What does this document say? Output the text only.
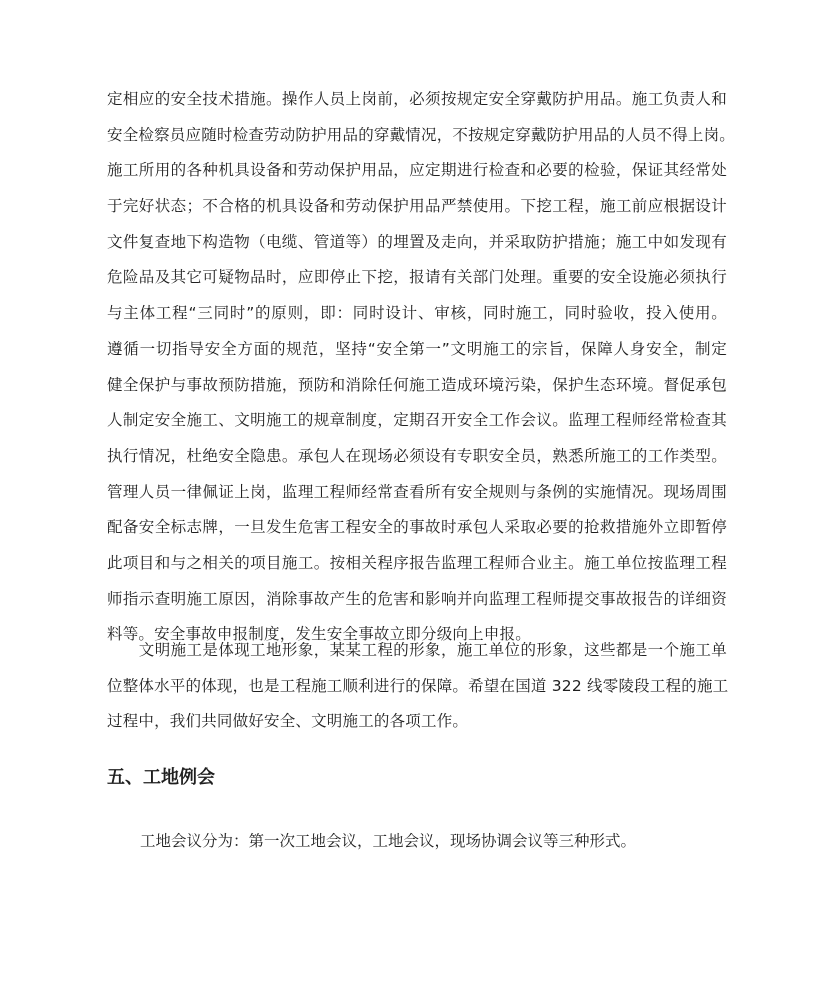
定相应的安全技术措施。操作人员上岗前，必须按规定安全穿戴防护用品。施工负责人和
安全检察员应随时检查劳动防护用品的穿戴情况，不按规定穿戴防护用品的人员不得上岗。
施工所用的各种机具设备和劳动保护用品，应定期进行检查和必要的检验，保证其经常处
于完好状态；不合格的机具设备和劳动保护用品严禁使用。下挖工程，施工前应根据设计
文件复查地下构造物（电缆、管道等）的埋置及走向，并采取防护措施；施工中如发现有
危险品及其它可疑物品时，应即停止下挖，报请有关部门处理。重要的安全设施必须执行
与主体工程“三同时”的原则，即：同时设计、审核，同时施工，同时验收，投入使用。
遵循一切指导安全方面的规范，坚持“安全第一”文明施工的宗旨，保障人身安全，制定
健全保护与事故预防措施，预防和消除任何施工造成环境污染，保护生态环境。督促承包
人制定安全施工、文明施工的规章制度，定期召开安全工作会议。监理工程师经常检查其
执行情况，杜绝安全隐患。承包人在现场必须设有专职安全员，熟悉所施工的工作类型。
管理人员一律佩证上岗，监理工程师经常查看所有安全规则与条例的实施情况。现场周围
配备安全标志牌，一旦发生危害工程安全的事故时承包人采取必要的抢救措施外立即暂停
此项目和与之相关的项目施工。按相关程序报告监理工程师合业主。施工单位按监理工程
师指示查明施工原因，消除事故产生的危害和影响并向监理工程师提交事故报告的详细资
料等。安全事故申报制度，发生安全事故立即分级向上申报。
　　文明施工是体现工地形象，某某工程的形象，施工单位的形象，这些都是一个施工单
位整体水平的体现，也是工程施工顺利进行的保障。希望在国道 322 线零陵段工程的施工
过程中，我们共同做好安全、文明施工的各项工作。
五、工地例会

工地会议分为：第一次工地会议，工地会议，现场协调会议等三种形式。
